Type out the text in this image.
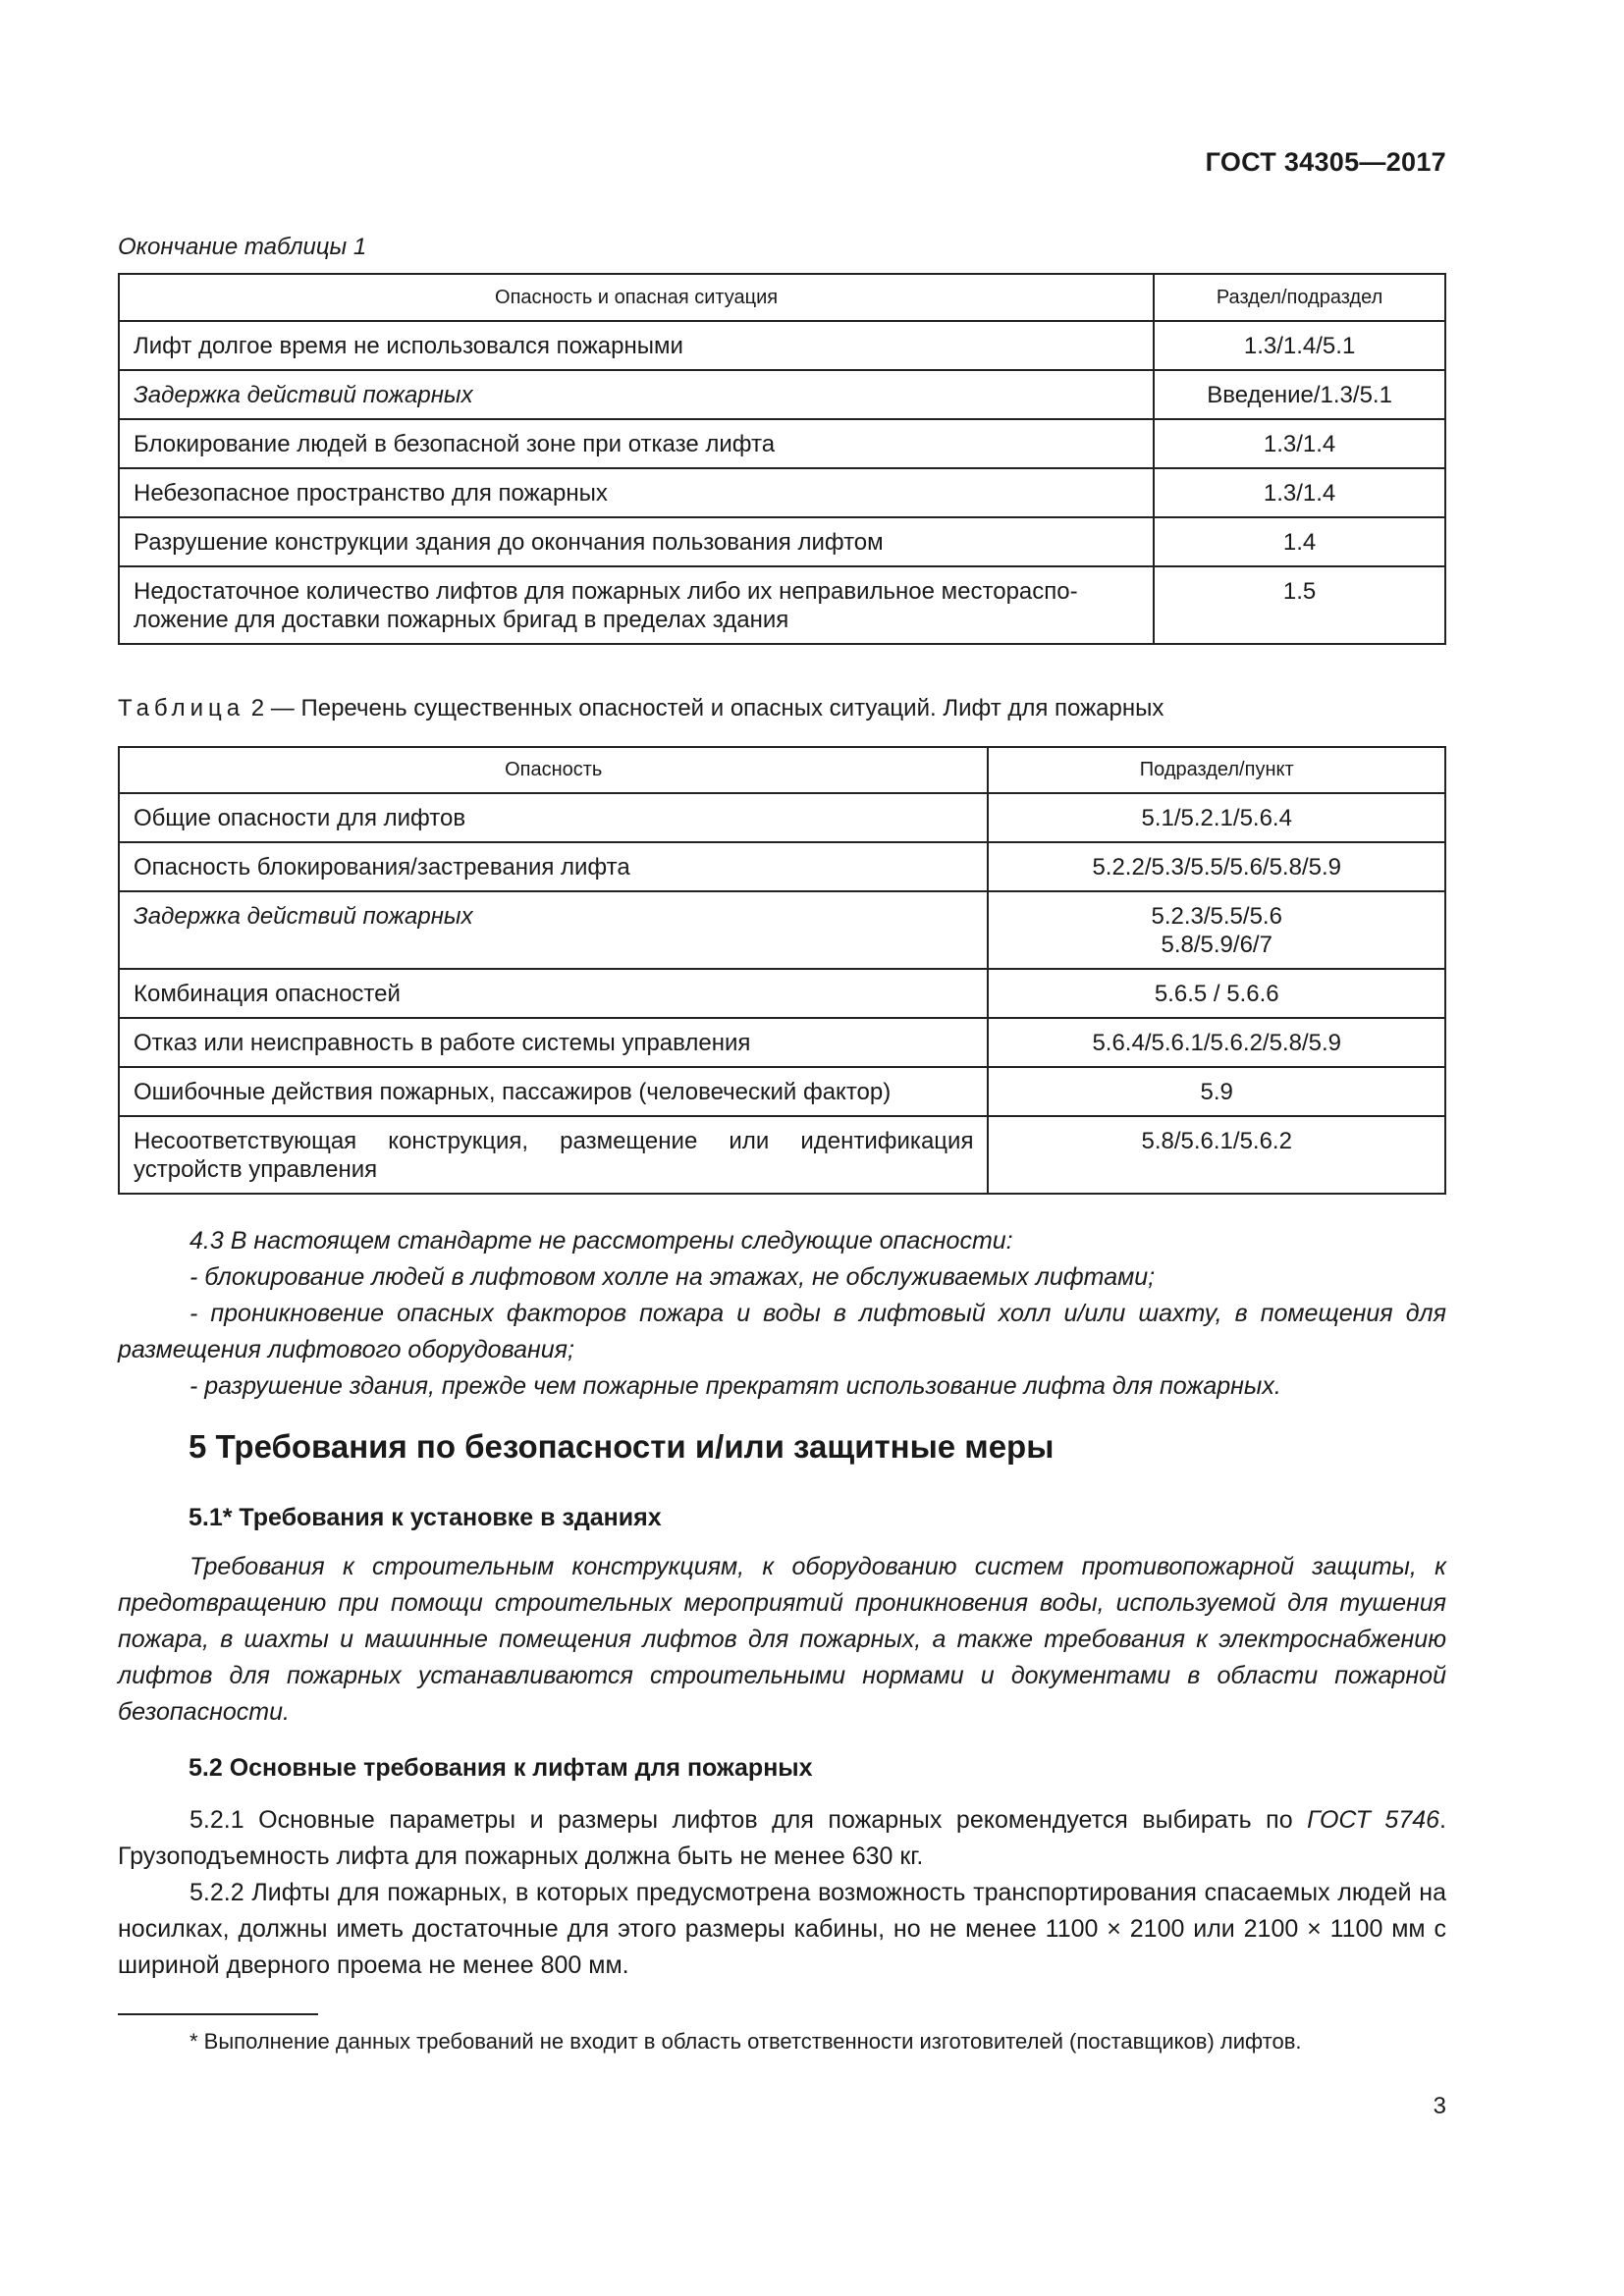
ГОСТ 34305—2017
Окончание таблицы 1
Опасность и опасная ситуация	Раздел/подраздел
Лифт долгое время не использовался пожарными	1.3/1.4/5.1
Задержка действий пожарных	Введение/1.3/5.1
Блокирование людей в безопасной зоне при отказе лифта	1.3/1.4
Небезопасное пространство для пожарных	1.3/1.4
Разрушение конструкции здания до окончания пользования лифтом	1.4

Недостаточное количество лифтов для пожарных либо их неправильное местораспо-
ложение для доставки пожарных бригад в пределах здания	1.5
Таблица 2 — Перечень существенных опасностей и опасных ситуаций. Лифт для пожарных
Опасность	Подраздел/пункт
Общие опасности для лифтов	5.1/5.2.1/5.6.4
Опасность блокирования/застревания лифта	5.2.2/5.3/5.5/5.6/5.8/5.9
Задержка действий пожарных	5.2.3/5.5/5.6
5.8/5.9/6/7

Комбинация опасностей	5.6.5 / 5.6.6
Отказ или неисправность в работе системы управления	5.6.4/5.6.1/5.6.2/5.8/5.9
Ошибочные действия пожарных, пассажиров (человеческий фактор)	5.9
Несоответствующая конструкция, размещение или идентификация устройств управления	5.8/5.6.1/5.6.2

4.3 В настоящем стандарте не рассмотрены следующие опасности:

- блокирование людей в лифтовом холле на этажах, не обслуживаемых лифтами;

- проникновение опасных факторов пожара и воды в лифтовый холл и/или шахту, в помещения для размещения лифтового оборудования;

- разрушение здания, прежде чем пожарные прекратят использование лифта для пожарных.

5 Требования по безопасности и/или защитные меры
5.1* Требования к установке в зданиях

Требования к строительным конструкциям, к оборудованию систем противопожарной защиты, к предотвращению при помощи строительных мероприятий проникновения воды, используемой для тушения пожара, в шахты и машинные помещения лифтов для пожарных, а также требования к электроснабжению лифтов для пожарных устанавливаются строительными нормами и документами в области пожарной безопасности.

5.2 Основные требования к лифтам для пожарных

5.2.1 Основные параметры и размеры лифтов для пожарных рекомендуется выбирать по ГОСТ 5746. Грузоподъемность лифта для пожарных должна быть не менее 630 кг.

5.2.2 Лифты для пожарных, в которых предусмотрена возможность транспортирования спасаемых людей на носилках, должны иметь достаточные для этого размеры кабины, но не менее 1100 × 2100 или 2100 × 1100 мм с шириной дверного проема не менее 800 мм.

* Выполнение данных требований не входит в область ответственности изготовителей (поставщиков) лифтов.
3
